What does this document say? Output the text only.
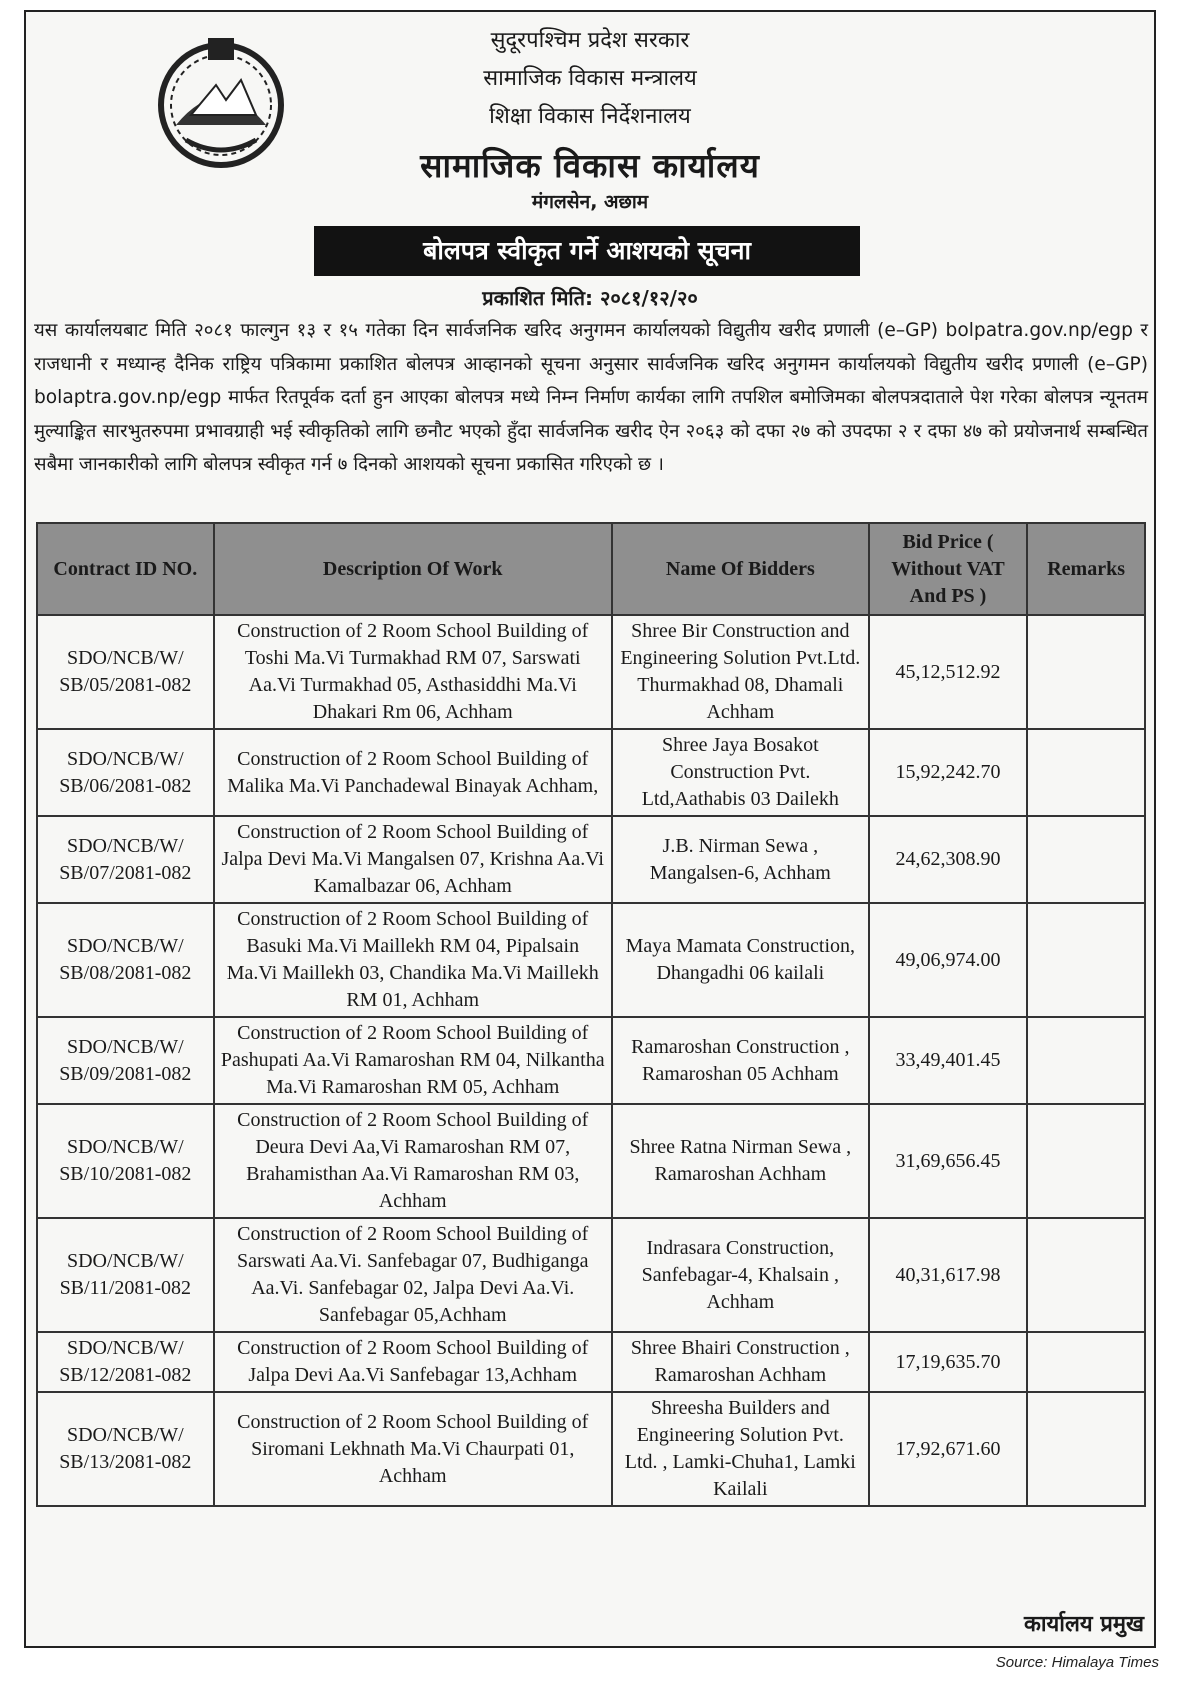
सुदूरपश्चिम प्रदेश सरकार
सामाजिक विकास मन्त्रालय
शिक्षा विकास निर्देशनालय
सामाजिक विकास कार्यालय
मंगलसेन, अछाम
बोलपत्र स्वीकृत गर्ने आशयको सूचना
प्रकाशित मिति: २०८१/१२/२०
यस कार्यालयबाट मिति २०८१ फाल्गुन १३ र १५ गतेका दिन सार्वजनिक खरिद अनुगमन कार्यालयको विद्युतीय खरीद प्रणाली (e–GP) bolpatra.gov.np/egp र राजधानी र मध्यान्ह दैनिक राष्ट्रिय पत्रिकामा प्रकाशित बोलपत्र आव्हानको सूचना अनुसार सार्वजनिक खरिद अनुगमन कार्यालयको विद्युतीय खरीद प्रणाली (e–GP) bolaptra.gov.np/egp मार्फत रितपूर्वक दर्ता हुन आएका बोलपत्र मध्ये निम्न निर्माण कार्यका लागि तपशिल बमोजिमका बोलपत्रदाताले पेश गरेका बोलपत्र न्यूनतम मुल्याङ्कित सारभुतरुपमा प्रभावग्राही भई स्वीकृतिको लागि छनौट भएको हुँदा सार्वजनिक खरीद ऐन २०६३ को दफा २७ को उपदफा २ र दफा ४७ को प्रयोजनार्थ सम्बन्धित सबैमा जानकारीको लागि बोलपत्र स्वीकृत गर्न ७ दिनको आशयको सूचना प्रकासित गरिएको छ ।
Contract ID NO.	Description Of Work	Name Of Bidders	Bid Price ( Without VAT And PS )	Remarks
SDO/NCB/W/ SB/05/2081-082	Construction of 2 Room School Building of Toshi Ma.Vi Turmakhad RM 07, Sarswati Aa.Vi Turmakhad 05, Asthasiddhi Ma.Vi Dhakari Rm 06, Achham	Shree Bir Construction and Engineering Solution Pvt.Ltd. Thurmakhad 08, Dhamali Achham	45,12,512.92	
SDO/NCB/W/ SB/06/2081-082	Construction of 2 Room School Building of Malika Ma.Vi Panchadewal Binayak Achham,	Shree Jaya Bosakot Construction Pvt. Ltd,Aathabis 03 Dailekh	15,92,242.70	
SDO/NCB/W/ SB/07/2081-082	Construction of 2 Room School Building of Jalpa Devi Ma.Vi Mangalsen 07, Krishna Aa.Vi Kamalbazar 06, Achham	J.B. Nirman Sewa , Mangalsen-6, Achham	24,62,308.90	
SDO/NCB/W/ SB/08/2081-082	Construction of 2 Room School Building of Basuki Ma.Vi Maillekh RM 04, Pipalsain Ma.Vi Maillekh 03, Chandika Ma.Vi Maillekh RM 01, Achham	Maya Mamata Construction, Dhangadhi 06 kailali	49,06,974.00	
SDO/NCB/W/ SB/09/2081-082	Construction of 2 Room School Building of Pashupati Aa.Vi Ramaroshan RM 04, Nilkantha Ma.Vi Ramaroshan RM 05, Achham	Ramaroshan Construction , Ramaroshan 05 Achham	33,49,401.45	
SDO/NCB/W/ SB/10/2081-082	Construction of 2 Room School Building of Deura Devi Aa,Vi Ramaroshan RM 07, Brahamisthan Aa.Vi Ramaroshan RM 03, Achham	Shree Ratna Nirman Sewa , Ramaroshan Achham	31,69,656.45	
SDO/NCB/W/ SB/11/2081-082	Construction of 2 Room School Building of Sarswati Aa.Vi. Sanfebagar 07, Budhiganga Aa.Vi. Sanfebagar 02, Jalpa Devi Aa.Vi. Sanfebagar 05,Achham	Indrasara Construction, Sanfebagar-4, Khalsain , Achham	40,31,617.98	
SDO/NCB/W/ SB/12/2081-082	Construction of 2 Room School Building of Jalpa Devi Aa.Vi Sanfebagar 13,Achham	Shree Bhairi Construction , Ramaroshan Achham	17,19,635.70	
SDO/NCB/W/ SB/13/2081-082	Construction of 2 Room School Building of Siromani Lekhnath Ma.Vi Chaurpati 01, Achham	Shreesha Builders and Engineering Solution Pvt. Ltd. , Lamki-Chuha1, Lamki Kailali	17,92,671.60	
कार्यालय प्रमुख
Source: Himalaya Times
